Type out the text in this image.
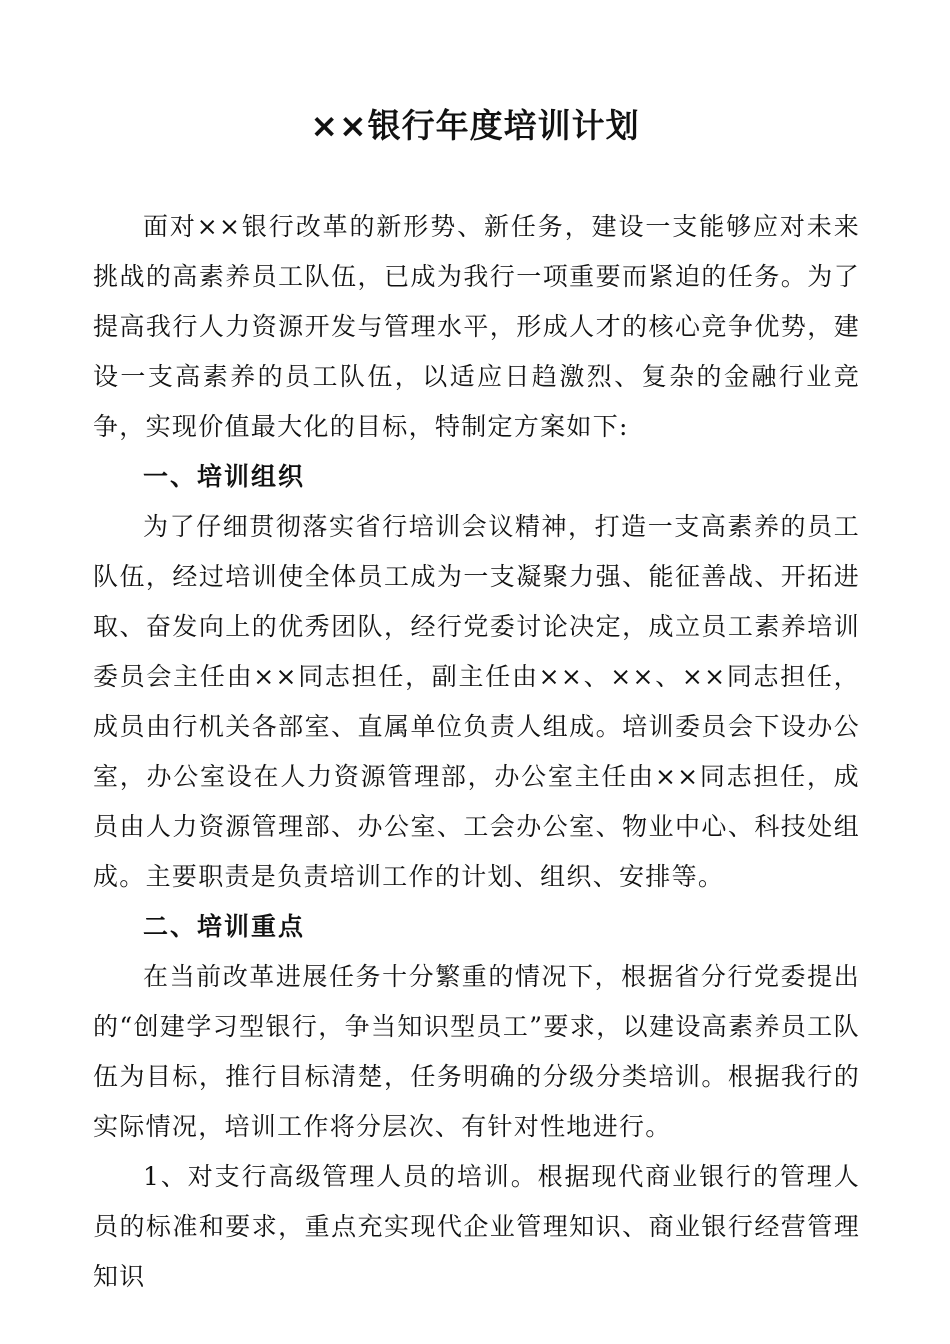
××银行年度培训计划

面对××银行改革的新形势、新任务，建设一支能够应对未来挑战的高素养员工队伍，已成为我行一项重要而紧迫的任务。为了提高我行人力资源开发与管理水平，形成人才的核心竞争优势，建设一支高素养的员工队伍，以适应日趋激烈、复杂的金融行业竞争，实现价值最大化的目标，特制定方案如下:

一、培训组织

为了仔细贯彻落实省行培训会议精神，打造一支高素养的员工队伍，经过培训使全体员工成为一支凝聚力强、能征善战、开拓进取、奋发向上的优秀团队，经行党委讨论决定，成立员工素养培训委员会主任由××同志担任，副主任由××、××、××同志担任，成员由行机关各部室、直属单位负责人组成。培训委员会下设办公室，办公室设在人力资源管理部，办公室主任由××同志担任，成员由人力资源管理部、办公室、工会办公室、物业中心、科技处组成。主要职责是负责培训工作的计划、组织、安排等。

二、培训重点

在当前改革进展任务十分繁重的情况下，根据省分行党委提出的“创建学习型银行，争当知识型员工”要求，以建设高素养员工队伍为目标，推行目标清楚，任务明确的分级分类培训。根据我行的实际情况，培训工作将分层次、有针对性地进行。

1、对支行高级管理人员的培训。根据现代商业银行的管理人员的标准和要求，重点充实现代企业管理知识、商业银行经营管理知识
